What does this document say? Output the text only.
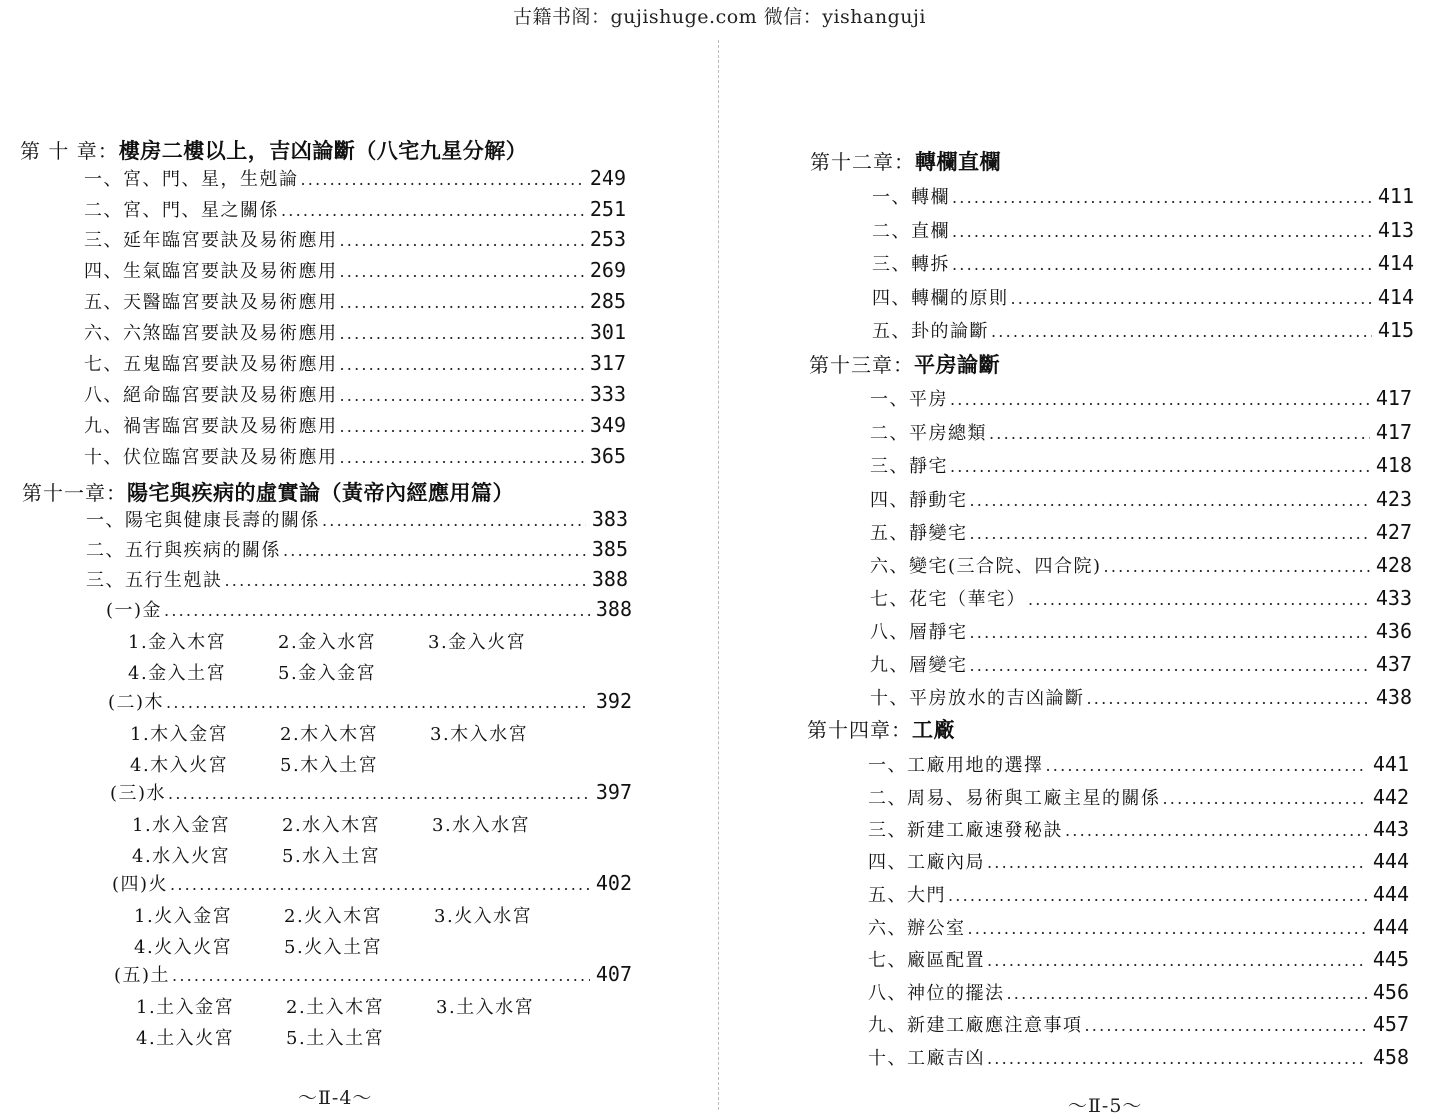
古籍书阁：gujishuge.com 微信：yishanguji
第 十 章： 樓房二樓以上，吉凶論斷（八宅九星分解）
第十一章： 陽宅與疾病的虛實論（黃帝內經應用篇）
～Ⅱ-4～
一、宮、門、星，生剋論 .....	249
二、宮、門、星之關係 .....	251
三、延年臨宮要訣及易術應用 .....	253
四、生氣臨宮要訣及易術應用 .....	269
五、天醫臨宮要訣及易術應用 .....	285
六、六煞臨宮要訣及易術應用 .....	301
七、五鬼臨宮要訣及易術應用 .....	317
八、絕命臨宮要訣及易術應用 .....	333
九、禍害臨宮要訣及易術應用 .....	349
十、伏位臨宮要訣及易術應用 .....	365
一、陽宅與健康長壽的關係 .....	383
二、五行與疾病的關係 .....	385
三、五行生剋訣 .....	388
(一)金 .....	388
1.金入木宮	2.金入水宮	3.金入火宮
4.金入土宮	5.金入金宮
(二)木 .....	392
1.木入金宮	2.木入木宮	3.木入水宮
4.木入火宮	5.木入土宮
(三)水 .....	397
1.水入金宮	2.水入木宮	3.水入水宮
4.水入火宮	5.水入土宮
(四)火 .....	402
1.火入金宮	2.火入木宮	3.火入水宮
4.火入火宮	5.火入土宮
(五)土 .....	407
1.土入金宮	2.土入木宮	3.土入水宮
4.土入火宮	5.土入土宮
第十二章： 轉欄直欄
第十三章： 平房論斷
第十四章： 工廠
～Ⅱ-5～
一、轉欄 .....	411
二、直欄 .....	413
三、轉拆 .....	414
四、轉欄的原則 .....	414
五、卦的論斷 .....	415
一、平房 .....	417
二、平房總類 .....	417
三、靜宅 .....	418
四、靜動宅 .....	423
五、靜變宅 .....	427
六、變宅(三合院、四合院) .....	428
七、花宅（華宅） .....	433
八、層靜宅 .....	436
九、層變宅 .....	437
十、平房放水的吉凶論斷 .....	438
一、工廠用地的選擇 .....	441
二、周易、易術與工廠主星的關係 .....	442
三、新建工廠速發秘訣 .....	443
四、工廠內局 .....	444
五、大門 .....	444
六、辦公室 .....	444
七、廠區配置 .....	445
八、神位的擺法 .....	456
九、新建工廠應注意事項 .....	457
十、工廠吉凶 .....	458
